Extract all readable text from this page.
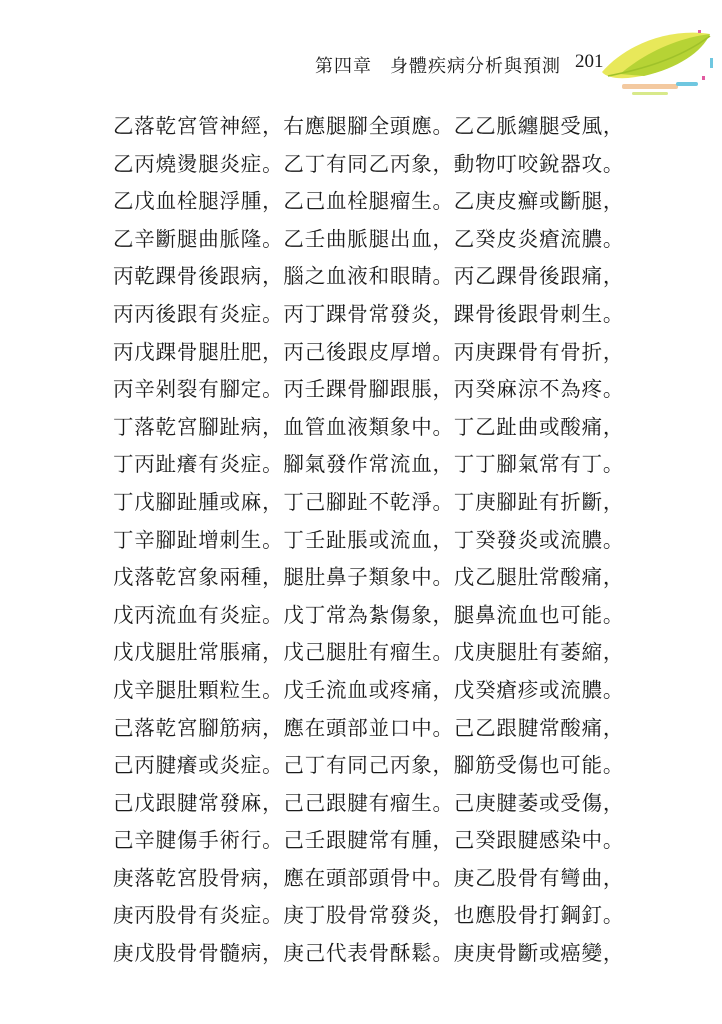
第四章 身體疾病分析與預測 201
乙落乾宮管神經，右應腿腳全頭應。乙乙脈纏腿受風，
乙丙燒燙腿炎症。乙丁有同乙丙象，動物叮咬銳器攻。
乙戊血栓腿浮腫，乙己血栓腿瘤生。乙庚皮癬或斷腿，
乙辛斷腿曲脈隆。乙壬曲脈腿出血，乙癸皮炎瘡流膿。
丙乾踝骨後跟病，腦之血液和眼睛。丙乙踝骨後跟痛，
丙丙後跟有炎症。丙丁踝骨常發炎，踝骨後跟骨刺生。
丙戊踝骨腿肚肥，丙己後跟皮厚增。丙庚踝骨有骨折，
丙辛剁裂有腳定。丙壬踝骨腳跟脹，丙癸麻涼不為疼。
丁落乾宮腳趾病，血管血液類象中。丁乙趾曲或酸痛，
丁丙趾癢有炎症。腳氣發作常流血，丁丁腳氣常有丁。
丁戊腳趾腫或麻，丁己腳趾不乾淨。丁庚腳趾有折斷，
丁辛腳趾增刺生。丁壬趾脹或流血，丁癸發炎或流膿。
戊落乾宮象兩種，腿肚鼻子類象中。戊乙腿肚常酸痛，
戊丙流血有炎症。戊丁常為紮傷象，腿鼻流血也可能。
戊戊腿肚常脹痛，戊己腿肚有瘤生。戊庚腿肚有萎縮，
戊辛腿肚顆粒生。戊壬流血或疼痛，戊癸瘡疹或流膿。
己落乾宮腳筋病，應在頭部並口中。己乙跟腱常酸痛，
己丙腱癢或炎症。己丁有同己丙象，腳筋受傷也可能。
己戊跟腱常發麻，己己跟腱有瘤生。己庚腱萎或受傷，
己辛腱傷手術行。己壬跟腱常有腫，己癸跟腱感染中。
庚落乾宮股骨病，應在頭部頭骨中。庚乙股骨有彎曲，
庚丙股骨有炎症。庚丁股骨常發炎，也應股骨打鋼釘。
庚戊股骨骨髓病，庚己代表骨酥鬆。庚庚骨斷或癌變，
